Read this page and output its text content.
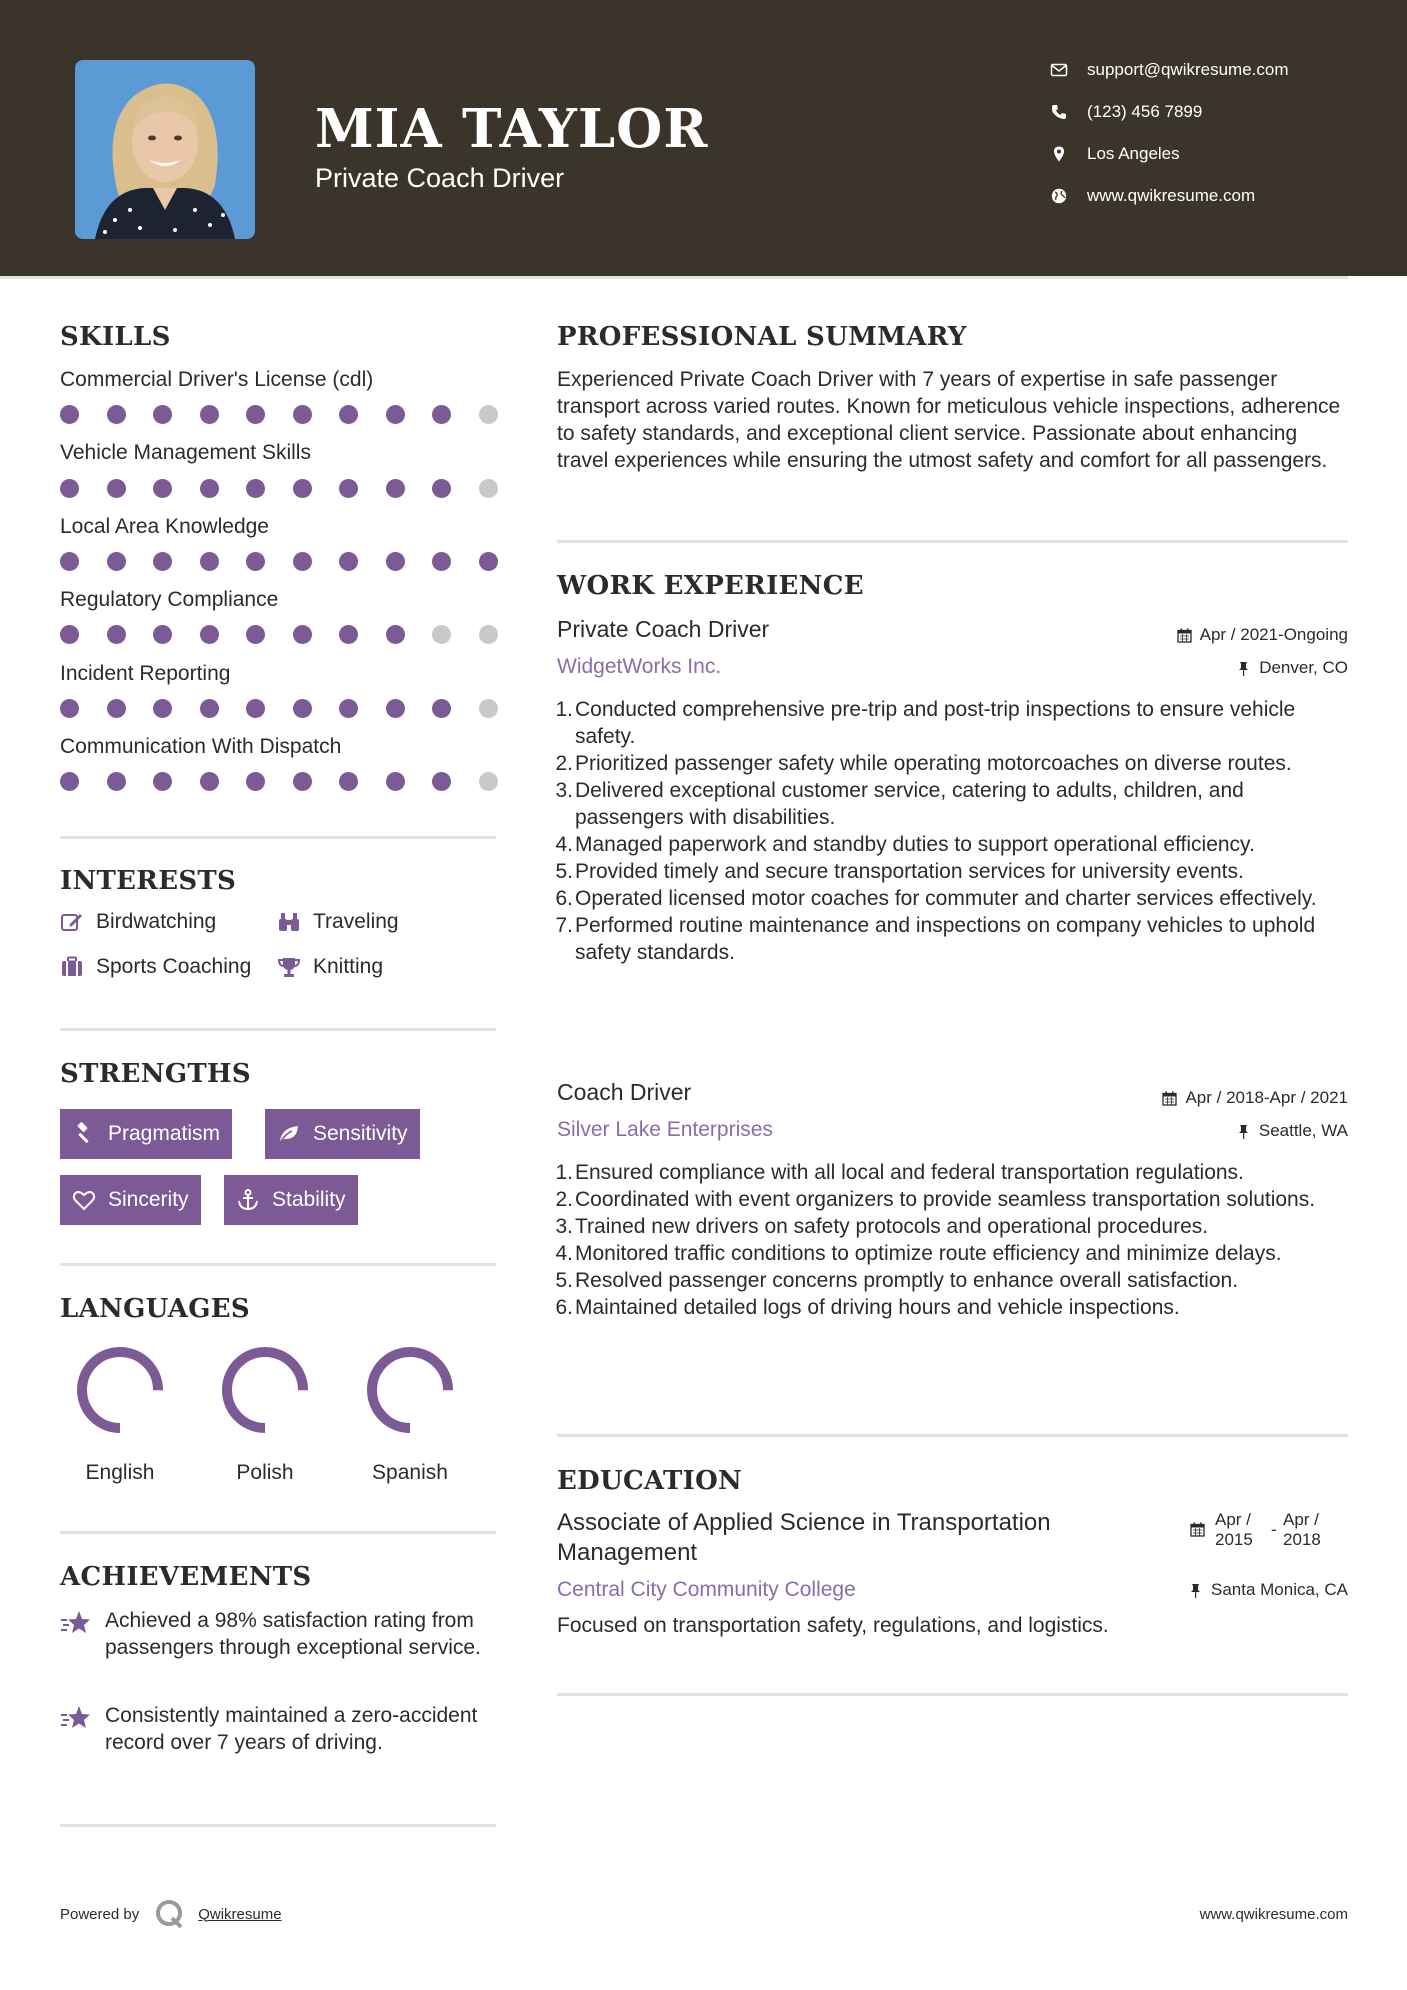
MIA TAYLOR
Private Coach Driver
support@qwikresume.com
(123) 456 7899
Los Angeles
www.qwikresume.com
SKILLS
Commercial Driver's License (cdl)
Vehicle Management Skills
Local Area Knowledge
Regulatory Compliance
Incident Reporting
Communication With Dispatch
INTERESTS
Birdwatching	Traveling
Sports Coaching	Knitting
STRENGTHS
Pragmatism	Sensitivity
Sincerity	Stability
LANGUAGES
English	Polish	Spanish
ACHIEVEMENTS
Achieved a 98% satisfaction rating from passengers through exceptional service.
Consistently maintained a zero-accident record over 7 years of driving.
PROFESSIONAL SUMMARY
Experienced Private Coach Driver with 7 years of expertise in safe passenger transport across varied routes. Known for meticulous vehicle inspections, adherence to safety standards, and exceptional client service. Passionate about enhancing travel experiences while ensuring the utmost safety and comfort for all passengers.
WORK EXPERIENCE
Private Coach Driver	Apr / 2021-Ongoing
WidgetWorks Inc.	Denver, CO
1. Conducted comprehensive pre-trip and post-trip inspections to ensure vehicle safety.
2. Prioritized passenger safety while operating motorcoaches on diverse routes.
3. Delivered exceptional customer service, catering to adults, children, and passengers with disabilities.
4. Managed paperwork and standby duties to support operational efficiency.
5. Provided timely and secure transportation services for university events.
6. Operated licensed motor coaches for commuter and charter services effectively.
7. Performed routine maintenance and inspections on company vehicles to uphold safety standards.
Coach Driver	Apr / 2018-Apr / 2021
Silver Lake Enterprises	Seattle, WA
1. Ensured compliance with all local and federal transportation regulations.
2. Coordinated with event organizers to provide seamless transportation solutions.
3. Trained new drivers on safety protocols and operational procedures.
4. Monitored traffic conditions to optimize route efficiency and minimize delays.
5. Resolved passenger concerns promptly to enhance overall satisfaction.
6. Maintained detailed logs of driving hours and vehicle inspections.
EDUCATION
Associate of Applied Science in Transportation Management
Apr / 2015
-
Apr / 2018
Central City Community College	Santa Monica, CA
Focused on transportation safety, regulations, and logistics.
Powered by	Qwikresume	www.qwikresume.com
